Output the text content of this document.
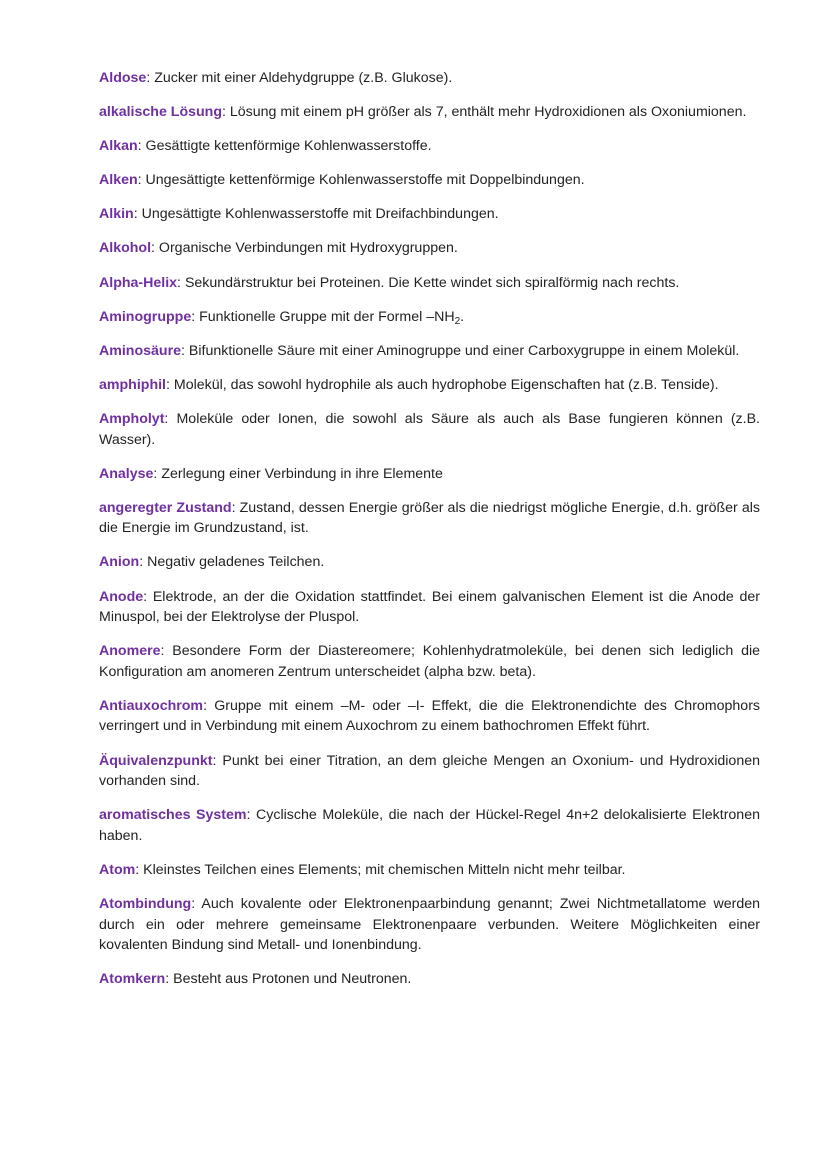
Aldose: Zucker mit einer Aldehydgruppe (z.B. Glukose).
alkalische Lösung: Lösung mit einem pH größer als 7, enthält mehr Hydroxidionen als Oxoniumionen.
Alkan: Gesättigte kettenförmige Kohlenwasserstoffe.
Alken: Ungesättigte kettenförmige Kohlenwasserstoffe mit Doppelbindungen.
Alkin: Ungesättigte Kohlenwasserstoffe mit Dreifachbindungen.
Alkohol: Organische Verbindungen mit Hydroxygruppen.
Alpha-Helix: Sekundärstruktur bei Proteinen. Die Kette windet sich spiralförmig nach rechts.
Aminogruppe: Funktionelle Gruppe mit der Formel $-NH_2$.
Aminosäure: Bifunktionelle Säure mit einer Aminogruppe und einer Carboxygruppe in einem Molekül.
amphiphil: Molekül, das sowohl hydrophile als auch hydrophobe Eigenschaften hat (z.B. Tenside).
Ampholyt: Moleküle oder Ionen, die sowohl als Säure als auch als Base fungieren können (z.B. Wasser).
Analyse: Zerlegung einer Verbindung in ihre Elemente
angeregter Zustand: Zustand, dessen Energie größer als die niedrigst mögliche Energie, d.h. größer als die Energie im Grundzustand, ist.
Anion: Negativ geladenes Teilchen.
Anode: Elektrode, an der die Oxidation stattfindet. Bei einem galvanischen Element ist die Anode der Minuspol, bei der Elektrolyse der Pluspol.
Anomere: Besondere Form der Diastereomere; Kohlenhydratmoleküle, bei denen sich lediglich die Konfiguration am anomeren Zentrum unterscheidet (alpha bzw. beta).
Antiauxochrom: Gruppe mit einem –M- oder –I- Effekt, die die Elektronendichte des Chromophors verringert und in Verbindung mit einem Auxochrom zu einem bathochromen Effekt führt.
Äquivalenzpunkt: Punkt bei einer Titration, an dem gleiche Mengen an Oxonium- und Hydroxidionen vorhanden sind.
aromatisches System: Cyclische Moleküle, die nach der Hückel-Regel 4n+2 delokalisierte Elektronen haben.
Atom: Kleinstes Teilchen eines Elements; mit chemischen Mitteln nicht mehr teilbar.
Atombindung: Auch kovalente oder Elektronenpaarbindung genannt; Zwei Nichtmetallatome werden durch ein oder mehrere gemeinsame Elektronenpaare verbunden. Weitere Möglichkeiten einer kovalenten Bindung sind Metall- und Ionenbindung.
Atomkern: Besteht aus Protonen und Neutronen.
